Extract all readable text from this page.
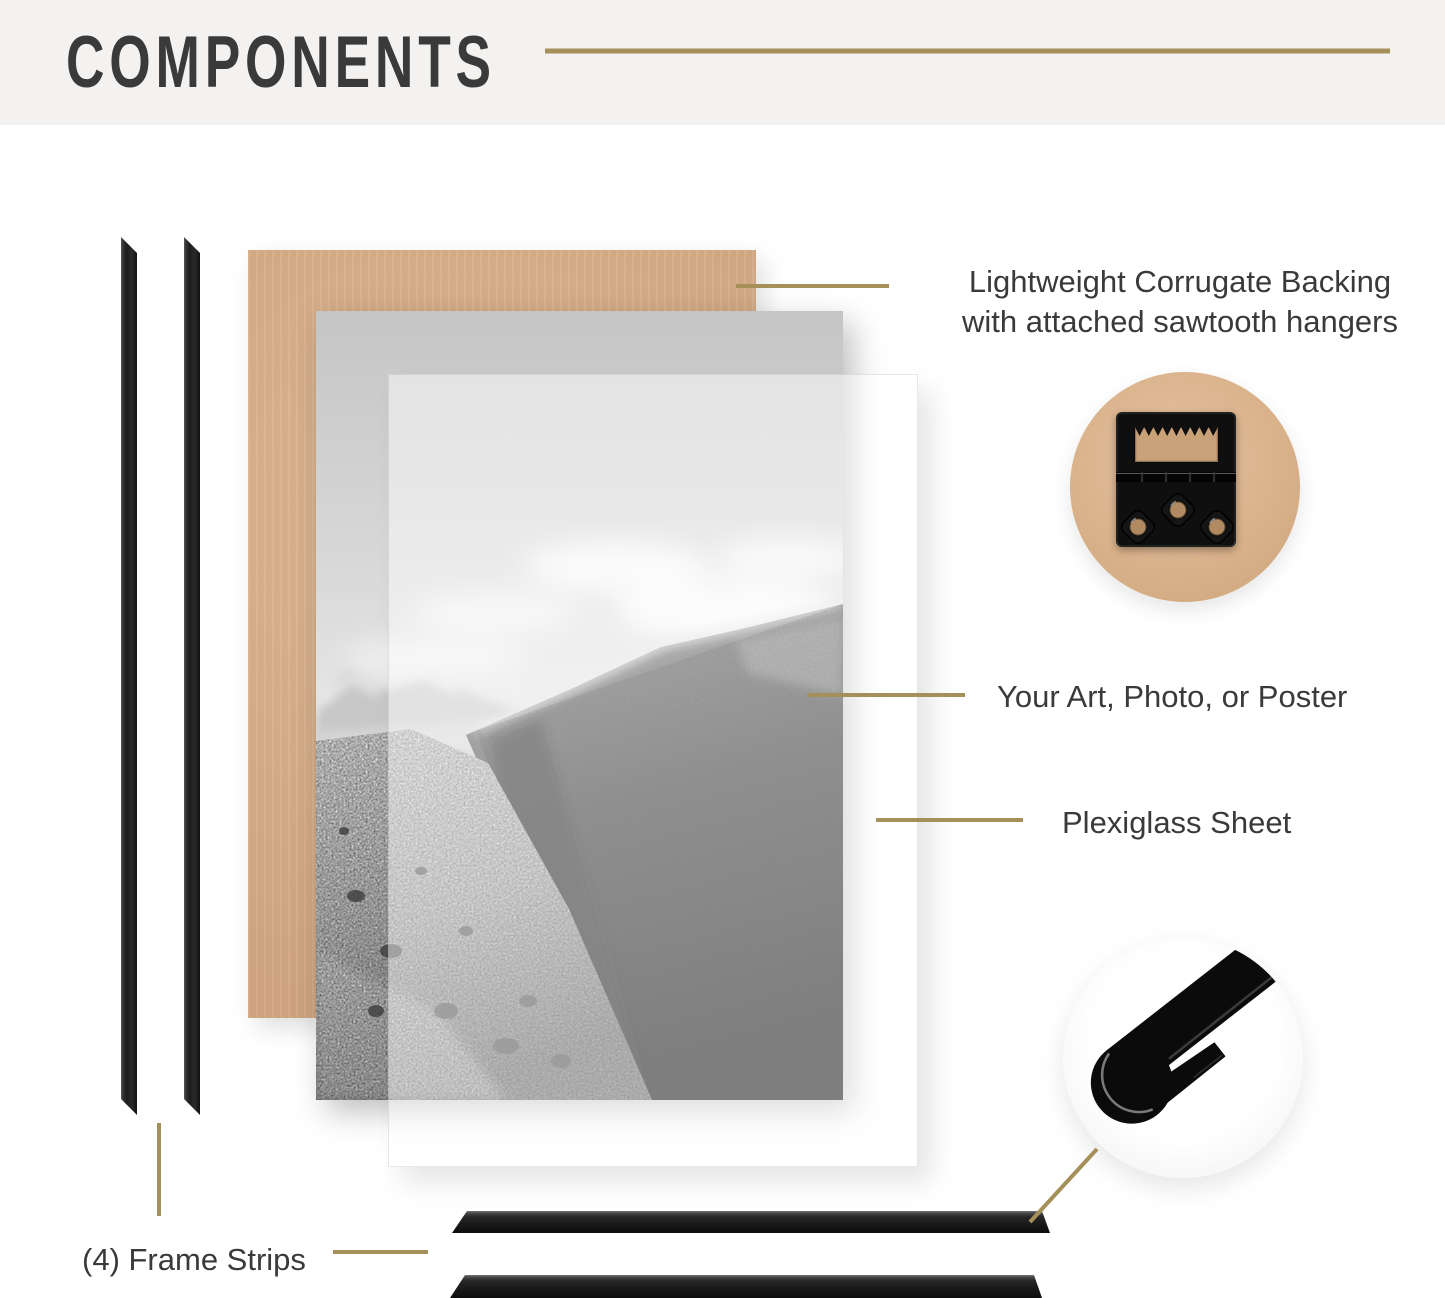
COMPONENTS
Lightweight Corrugate Backing
with attached sawtooth hangers
Your Art, Photo, or Poster
Plexiglass Sheet
(4) Frame Strips
